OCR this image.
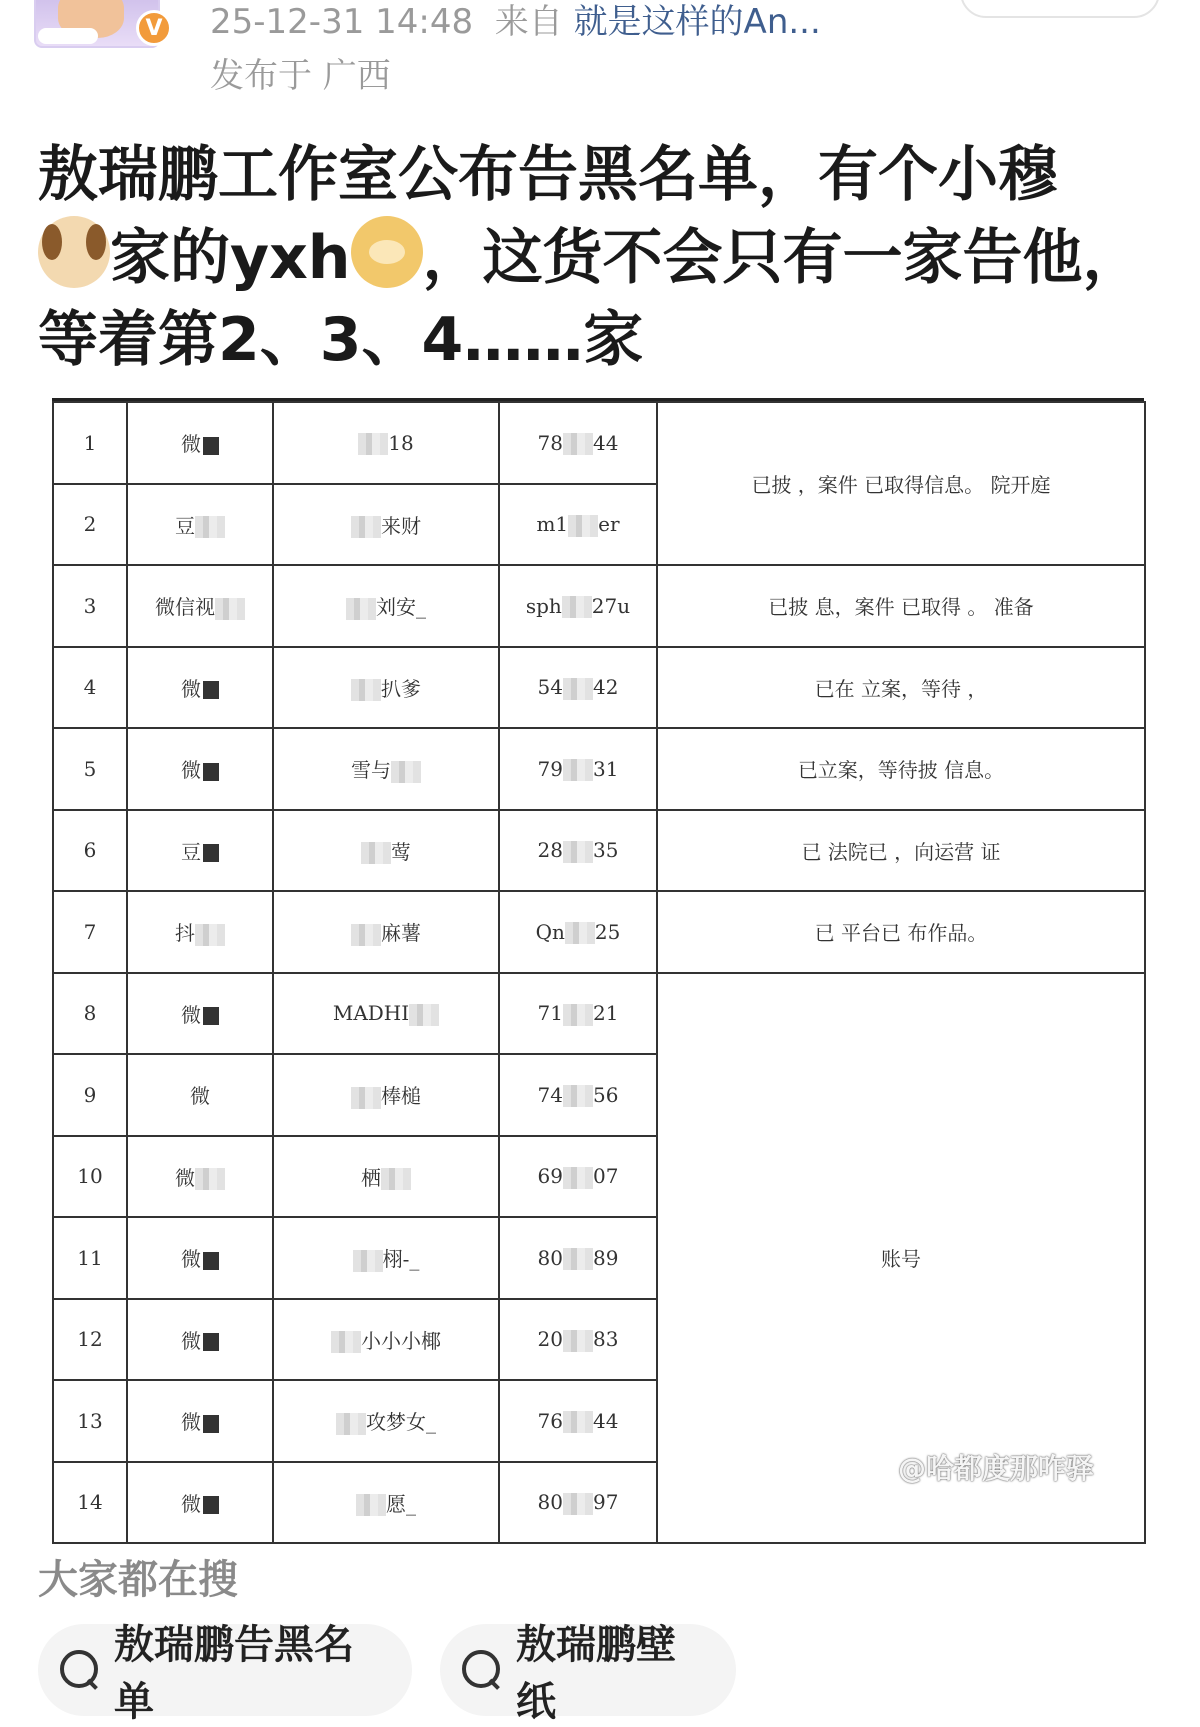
V 25-12-31 14:48 来自 就是这样的An...
发布于 广西
敖瑞鹏工作室公布告黑名单，有个小穆
家的yxh ，这货不会只有一家告他，
等着第2、3、4……家
1	微	18	78 44	已披 ，案件 已取得信息。 院开庭	
2	豆	来财	m1 er		
3	微信视	刘安_	sph 27u	已披 息，案件 已取得 。 准备	
4	微	扒爹	54 42	已在 立案，等待 ，	
5	微	雪与	79 31	已立案，等待披 信息。	
6	豆	莺	28 35	已 法院已 ，向运营 证	
7	抖	麻薯	Qn 25	已 平台已 布作品。	
8	微	MADHI	71 21	账号	
9	微	棒槌	74 56		
10	微	栖	69 07		
11	微	栩-_	80 89		
12	微	小小小椰	20 83		
13	微	攻梦女_	76 44		
14	微	愿_	80 97		
@哈都度那咋驿
大家都在搜
敖瑞鹏告黑名单
敖瑞鹏壁纸
